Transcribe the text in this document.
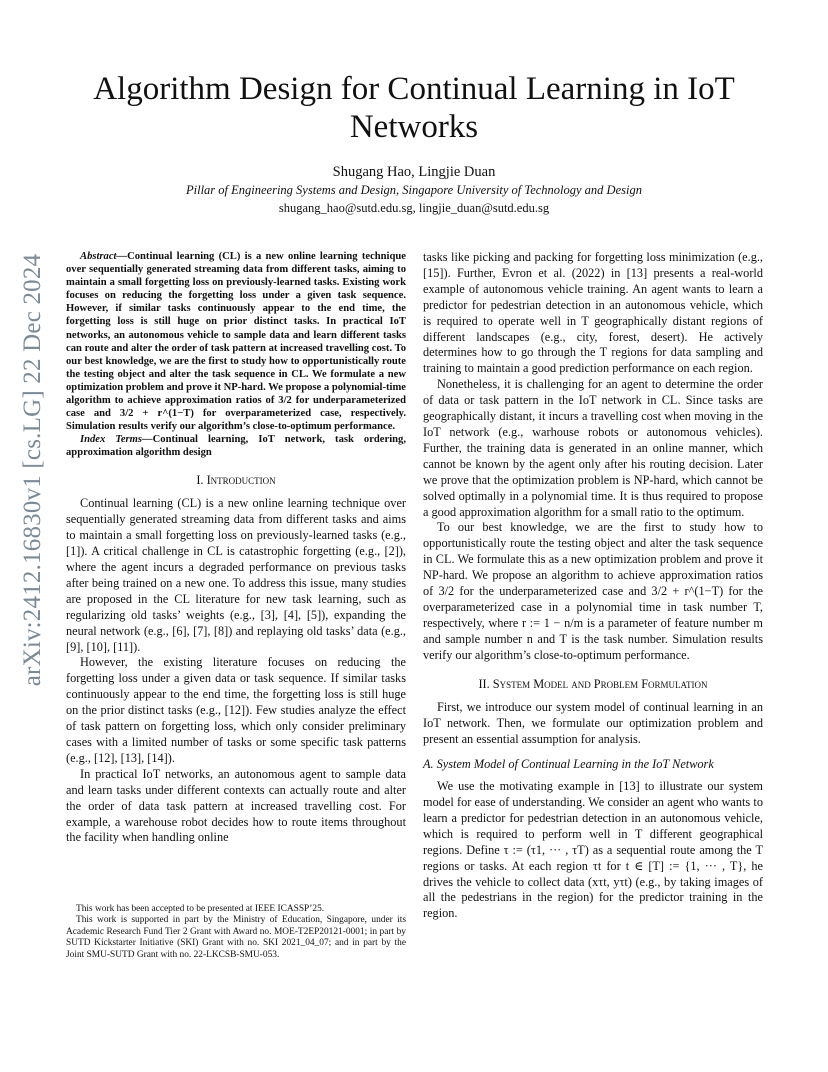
Algorithm Design for Continual Learning in IoT Networks
Shugang Hao, Lingjie Duan
Pillar of Engineering Systems and Design, Singapore University of Technology and Design
shugang_hao@sutd.edu.sg, lingjie_duan@sutd.edu.sg
arXiv:2412.16830v1 [cs.LG] 22 Dec 2024	Abstract—Continual learning (CL) is a new online learning technique over sequentially generated streaming data from different tasks, aiming to maintain a small forgetting loss on previously-learned tasks. Existing work focuses on reducing the forgetting loss under a given task sequence. However, if similar tasks continuously appear to the end time, the forgetting loss is still huge on prior distinct tasks. In practical IoT networks, an autonomous vehicle to sample data and learn different tasks can route and alter the order of task pattern at increased travelling cost. To our best knowledge, we are the first to study how to opportunistically route the testing object and alter the task sequence in CL. We formulate a new optimization problem and prove it NP-hard. We propose a polynomial-time algorithm to achieve approximation ratios of 3/2 for underparameterized case and 3/2 + r^(1−T) for overparameterized case, respectively. Simulation results verify our algorithm’s close-to-optimum performance.

Index Terms—Continual learning, IoT network, task ordering, approximation algorithm design

I. Introduction

Continual learning (CL) is a new online learning technique over sequentially generated streaming data from different tasks and aims to maintain a small forgetting loss on previously-learned tasks (e.g., [1]). A critical challenge in CL is catastrophic forgetting (e.g., [2]), where the agent incurs a degraded performance on previous tasks after being trained on a new one. To address this issue, many studies are proposed in the CL literature for new task learning, such as regularizing old tasks’ weights (e.g., [3], [4], [5]), expanding the neural network (e.g., [6], [7], [8]) and replaying old tasks’ data (e.g., [9], [10], [11]).

However, the existing literature focuses on reducing the forgetting loss under a given data or task sequence. If similar tasks continuously appear to the end time, the forgetting loss is still huge on the prior distinct tasks (e.g., [12]). Few studies analyze the effect of task pattern on forgetting loss, which only consider preliminary cases with a limited number of tasks or some specific task patterns (e.g., [12], [13], [14]).

In practical IoT networks, an autonomous agent to sample data and learn tasks under different contexts can actually route and alter the order of data task pattern at increased travelling cost. For example, a warehouse robot decides how to route items throughout the facility when handling online

tasks like picking and packing for forgetting loss minimization (e.g., [15]). Further, Evron et al. (2022) in [13] presents a real-world example of autonomous vehicle training. An agent wants to learn a predictor for pedestrian detection in an autonomous vehicle, which is required to operate well in T geographically distant regions of different landscapes (e.g., city, forest, desert). He actively determines how to go through the T regions for data sampling and training to maintain a good prediction performance on each region.

Nonetheless, it is challenging for an agent to determine the order of data or task pattern in the IoT network in CL. Since tasks are geographically distant, it incurs a travelling cost when moving in the IoT network (e.g., warhouse robots or autonomous vehicles). Further, the training data is generated in an online manner, which cannot be known by the agent only after his routing decision. Later we prove that the optimization problem is NP-hard, which cannot be solved optimally in a polynomial time. It is thus required to propose a good approximation algorithm for a small ratio to the optimum.

To our best knowledge, we are the first to study how to opportunistically route the testing object and alter the task sequence in CL. We formulate this as a new optimization problem and prove it NP-hard. We propose an algorithm to achieve approximation ratios of 3/2 for the underparameterized case and 3/2 + r^(1−T) for the overparameterized case in a polynomial time in task number T, respectively, where r := 1 − n/m is a parameter of feature number m and sample number n and T is the task number. Simulation results verify our algorithm’s close-to-optimum performance.

II. System Model and Problem Formulation

First, we introduce our system model of continual learning in an IoT network. Then, we formulate our optimization problem and present an essential assumption for analysis.

A. System Model of Continual Learning in the IoT Network

We use the motivating example in [13] to illustrate our system model for ease of understanding. We consider an agent who wants to learn a predictor for pedestrian detection in an autonomous vehicle, which is required to perform well in T different geographical regions. Define τ := (τ1, ··· , τT) as a sequential route among the T regions or tasks. At each region τt for t ∈ [T] := {1, ··· , T}, he drives the vehicle to collect data (xτt, yτt) (e.g., by taking images of all the pedestrians in the region) for the predictor training in the region.

This work has been accepted to be presented at IEEE ICASSP’25.

This work is supported in part by the Ministry of Education, Singapore, under its Academic Research Fund Tier 2 Grant with Award no. MOE-T2EP20121-0001; in part by SUTD Kickstarter Initiative (SKI) Grant with no. SKI 2021_04_07; and in part by the Joint SMU-SUTD Grant with no. 22-LKCSB-SMU-053.
